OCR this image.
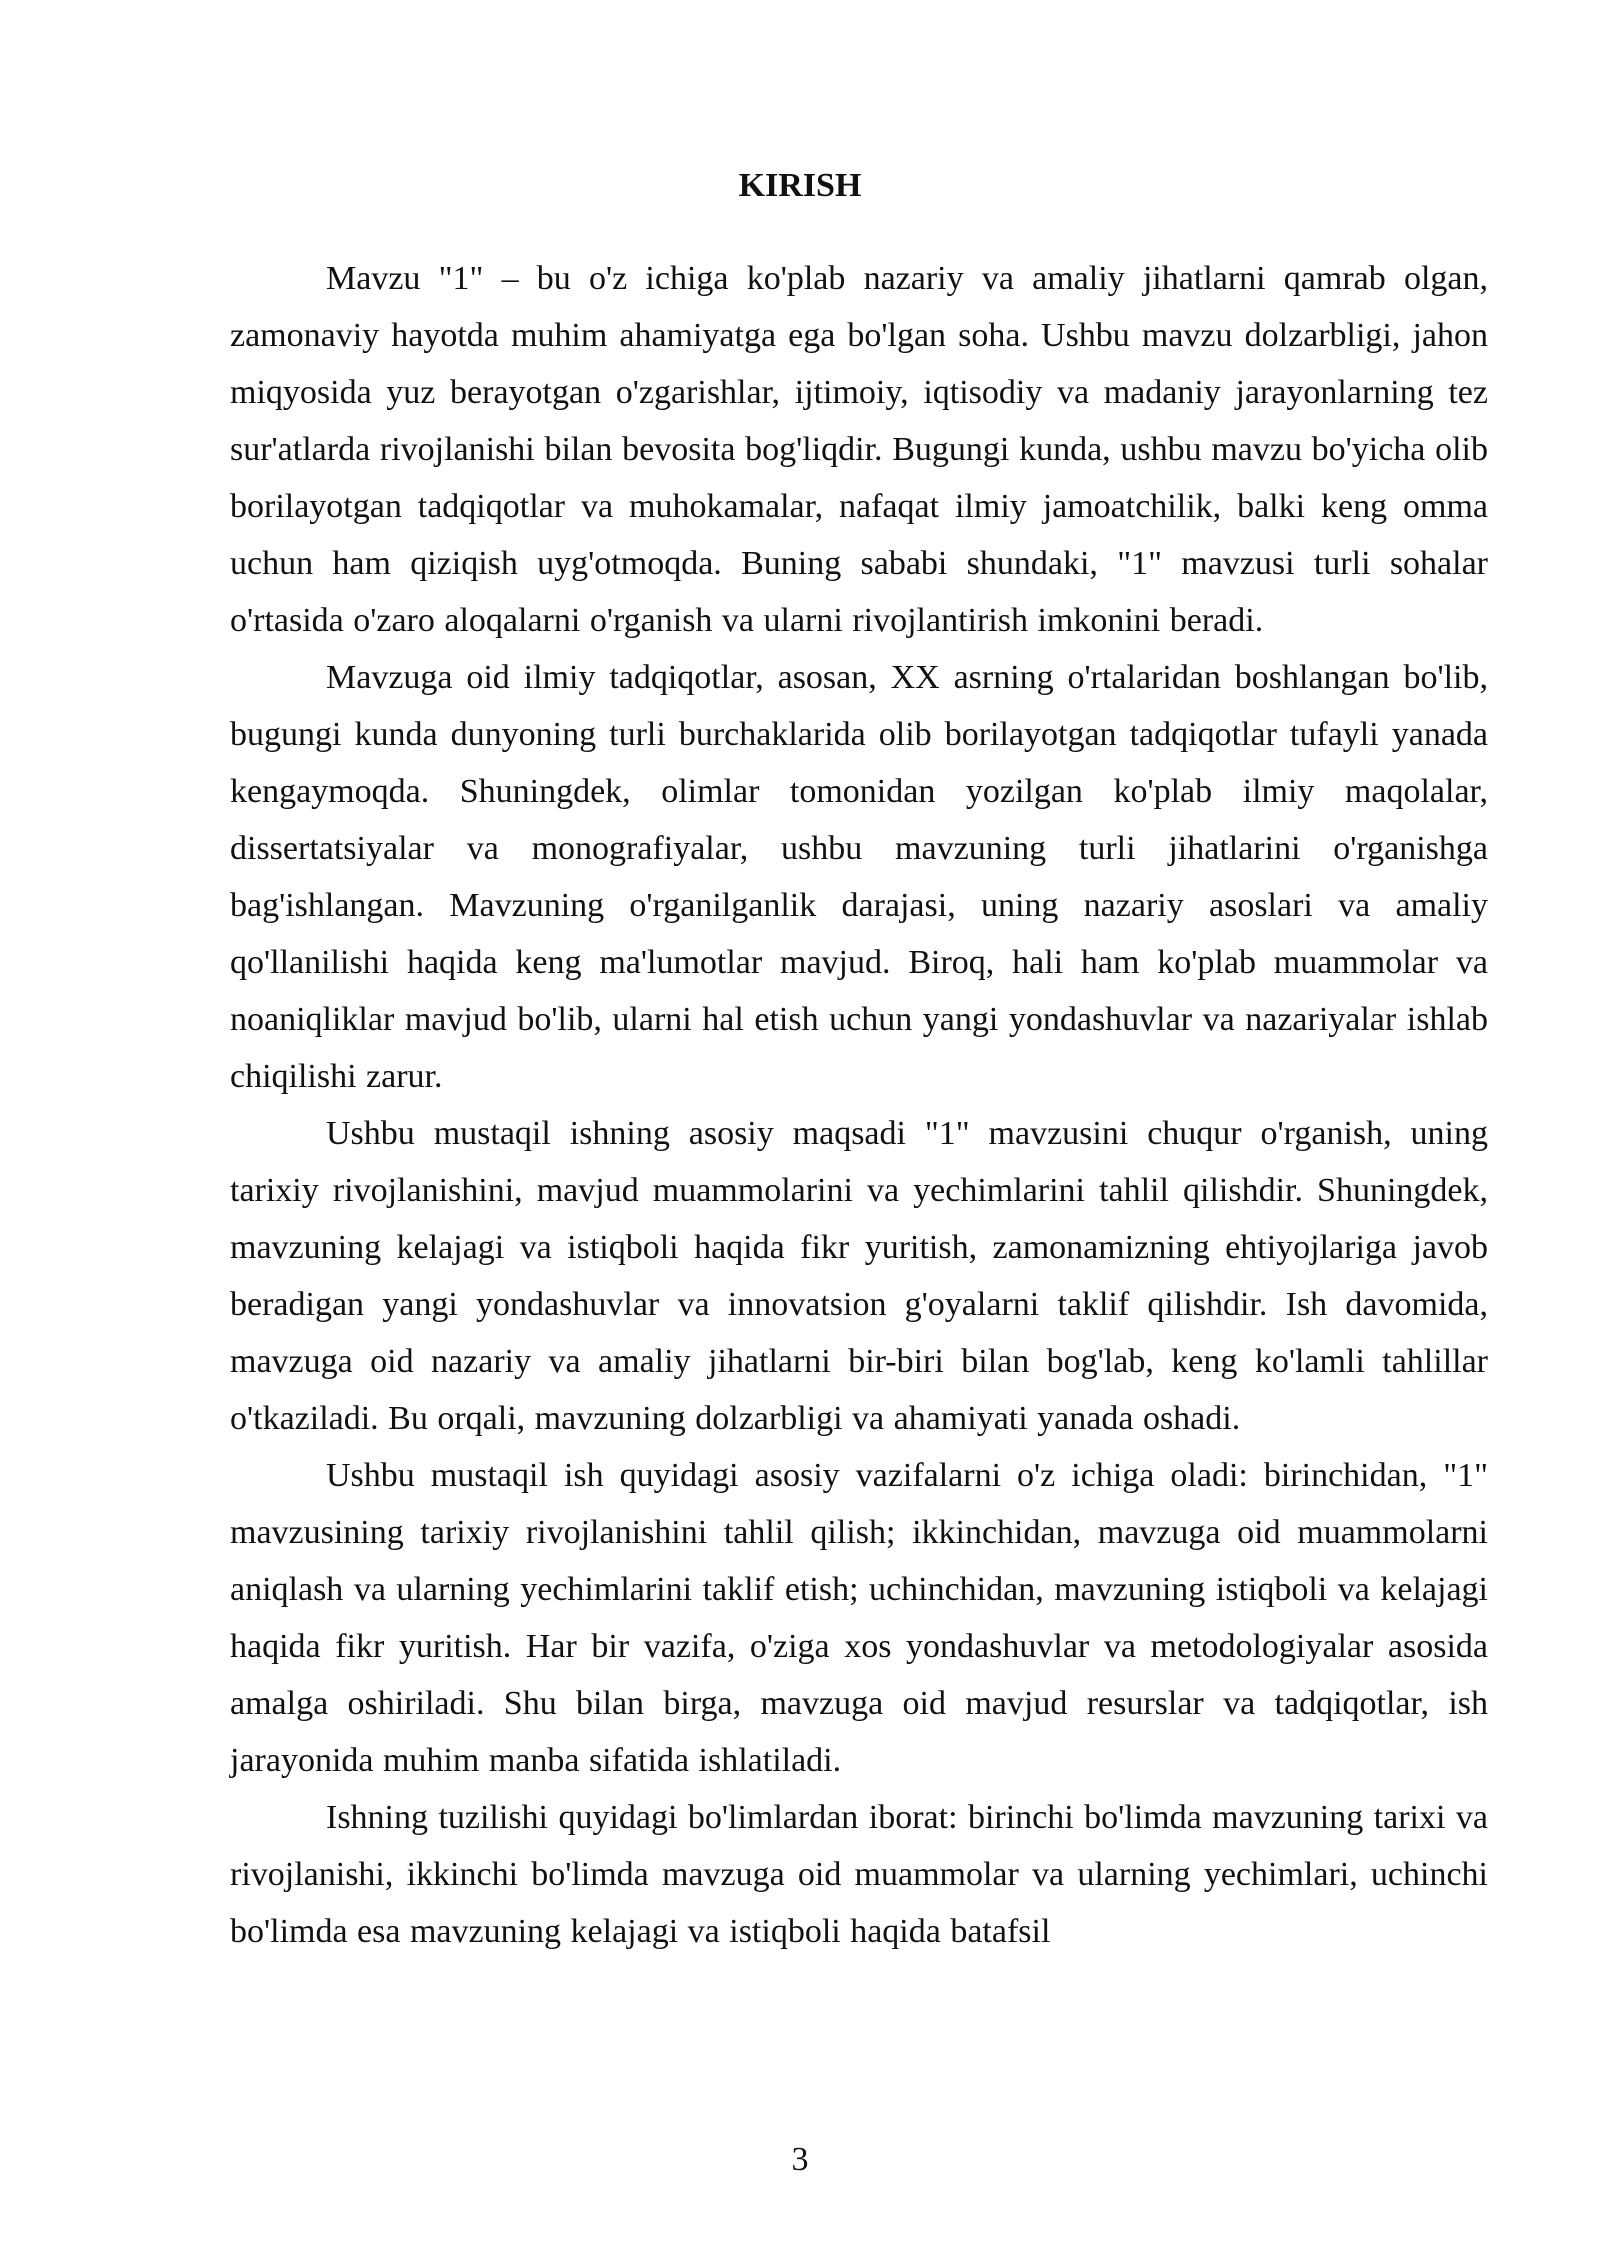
KIRISH

Mavzu "1" – bu o'z ichiga ko'plab nazariy va amaliy jihatlarni qamrab olgan, zamonaviy hayotda muhim ahamiyatga ega bo'lgan soha. Ushbu mavzu dolzarbligi, jahon miqyosida yuz berayotgan o'zgarishlar, ijtimoiy, iqtisodiy va madaniy jarayonlarning tez sur'atlarda rivojlanishi bilan bevosita bog'liqdir. Bugungi kunda, ushbu mavzu bo'yicha olib borilayotgan tadqiqotlar va muhokamalar, nafaqat ilmiy jamoatchilik, balki keng omma uchun ham qiziqish uyg'otmoqda. Buning sababi shundaki, "1" mavzusi turli sohalar o'rtasida o'zaro aloqalarni o'rganish va ularni rivojlantirish imkonini beradi.

Mavzuga oid ilmiy tadqiqotlar, asosan, XX asrning o'rtalaridan boshlangan bo'lib, bugungi kunda dunyoning turli burchaklarida olib borilayotgan tadqiqotlar tufayli yanada kengaymoqda. Shuningdek, olimlar tomonidan yozilgan ko'plab ilmiy maqolalar, dissertatsiyalar va monografiyalar, ushbu mavzuning turli jihatlarini o'rganishga bag'ishlangan. Mavzuning o'rganilganlik darajasi, uning nazariy asoslari va amaliy qo'llanilishi haqida keng ma'lumotlar mavjud. Biroq, hali ham ko'plab muammolar va noaniqliklar mavjud bo'lib, ularni hal etish uchun yangi yondashuvlar va nazariyalar ishlab chiqilishi zarur.

Ushbu mustaqil ishning asosiy maqsadi "1" mavzusini chuqur o'rganish, uning tarixiy rivojlanishini, mavjud muammolarini va yechimlarini tahlil qilishdir. Shuningdek, mavzuning kelajagi va istiqboli haqida fikr yuritish, zamonamizning ehtiyojlariga javob beradigan yangi yondashuvlar va innovatsion g'oyalarni taklif qilishdir. Ish davomida, mavzuga oid nazariy va amaliy jihatlarni bir-biri bilan bog'lab, keng ko'lamli tahlillar o'tkaziladi. Bu orqali, mavzuning dolzarbligi va ahamiyati yanada oshadi.

Ushbu mustaqil ish quyidagi asosiy vazifalarni o'z ichiga oladi: birinchidan, "1" mavzusining tarixiy rivojlanishini tahlil qilish; ikkinchidan, mavzuga oid muammolarni aniqlash va ularning yechimlarini taklif etish; uchinchidan, mavzuning istiqboli va kelajagi haqida fikr yuritish. Har bir vazifa, o'ziga xos yondashuvlar va metodologiyalar asosida amalga oshiriladi. Shu bilan birga, mavzuga oid mavjud resurslar va tadqiqotlar, ish jarayonida muhim manba sifatida ishlatiladi.

Ishning tuzilishi quyidagi bo'limlardan iborat: birinchi bo'limda mavzuning tarixi va rivojlanishi, ikkinchi bo'limda mavzuga oid muammolar va ularning yechimlari, uchinchi bo'limda esa mavzuning kelajagi va istiqboli haqida batafsil

3
